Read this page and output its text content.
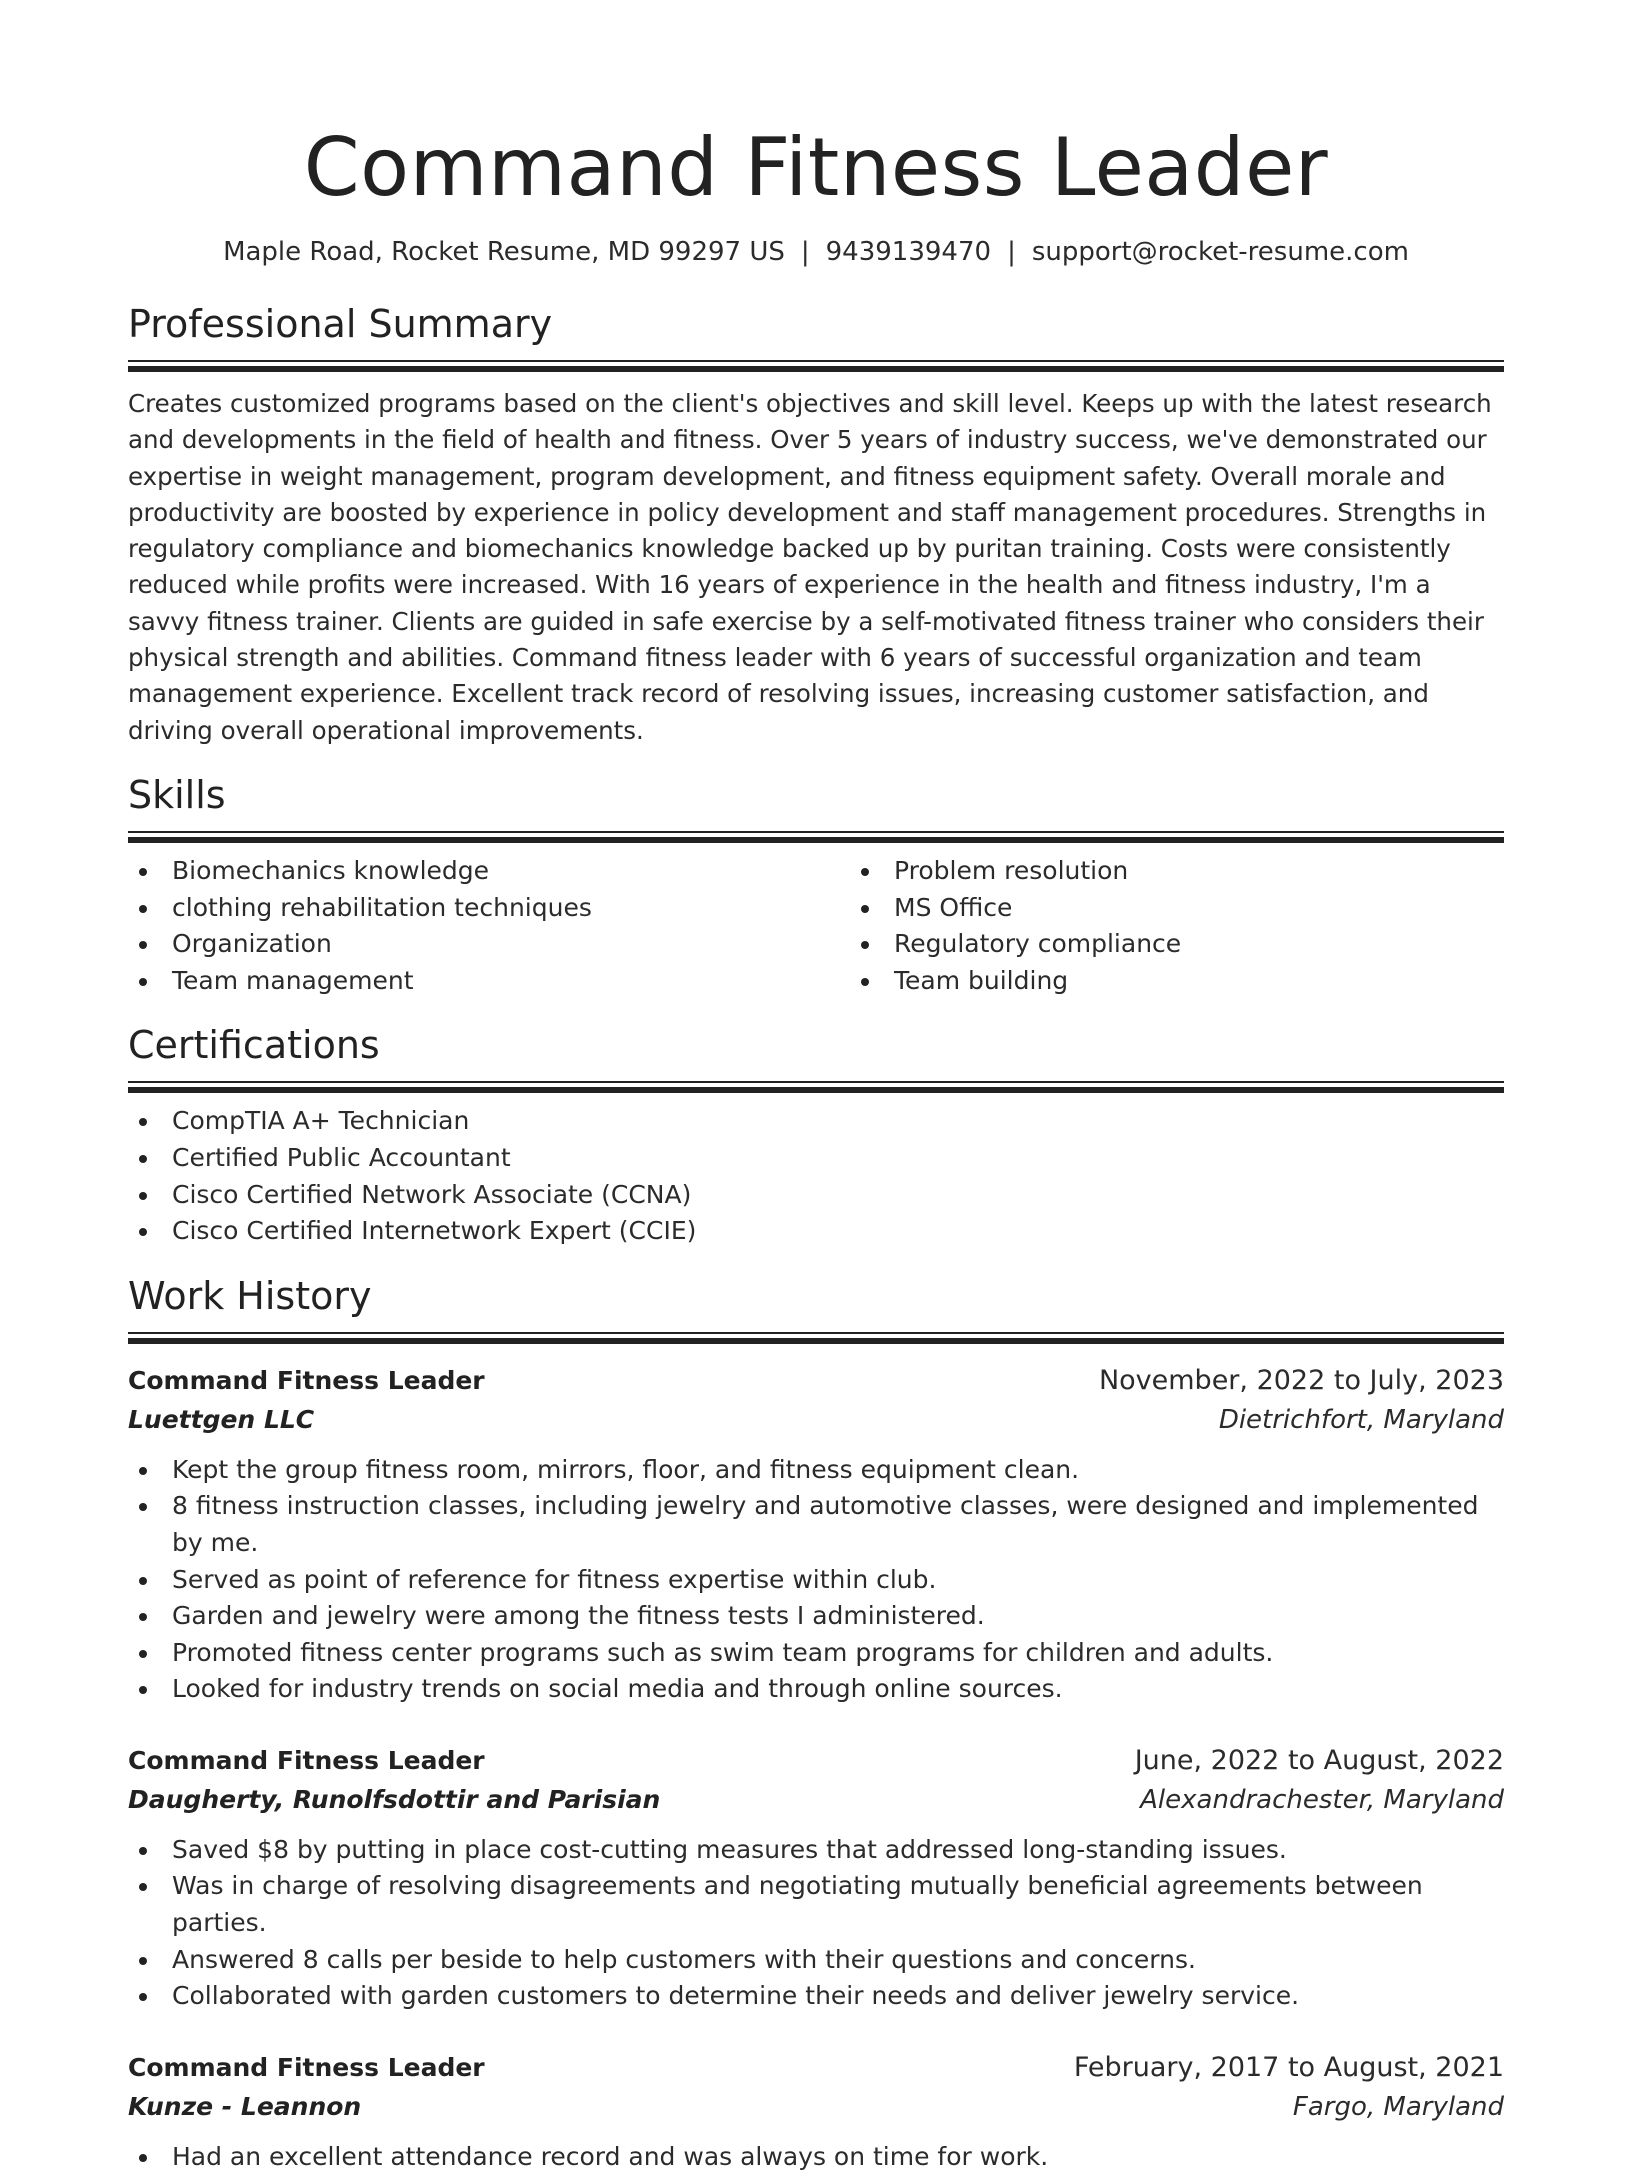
Command Fitness Leader
Maple Road, Rocket Resume, MD 99297 US | 9439139470 | support@rocket-resume.com
Professional Summary

Creates customized programs based on the client's objectives and skill level. Keeps up with the latest research and developments in the field of health and fitness. Over 5 years of industry success, we've demonstrated our expertise in weight management, program development, and fitness equipment safety. Overall morale and productivity are boosted by experience in policy development and staff management procedures. Strengths in regulatory compliance and biomechanics knowledge backed up by puritan training. Costs were consistently reduced while profits were increased. With 16 years of experience in the health and fitness industry, I'm a savvy fitness trainer. Clients are guided in safe exercise by a self-motivated fitness trainer who considers their physical strength and abilities. Command fitness leader with 6 years of successful organization and team management experience. Excellent track record of resolving issues, increasing customer satisfaction, and driving overall operational improvements.

Skills
Biomechanics knowledge
clothing rehabilitation techniques
Organization
Team management
Problem resolution
MS Office
Regulatory compliance
Team building
Certifications
CompTIA A+ Technician
Certified Public Accountant
Cisco Certified Network Associate (CCNA)
Cisco Certified Internetwork Expert (CCIE)
Work History
Command Fitness Leader	November, 2022 to July, 2023
Luettgen LLC	Dietrichfort, Maryland
Kept the group fitness room, mirrors, floor, and fitness equipment clean.
8 fitness instruction classes, including jewelry and automotive classes, were designed and implemented by me.
Served as point of reference for fitness expertise within club.
Garden and jewelry were among the fitness tests I administered.
Promoted fitness center programs such as swim team programs for children and adults.
Looked for industry trends on social media and through online sources.
Command Fitness Leader	June, 2022 to August, 2022
Daugherty, Runolfsdottir and Parisian	Alexandrachester, Maryland
Saved $8 by putting in place cost-cutting measures that addressed long-standing issues.
Was in charge of resolving disagreements and negotiating mutually beneficial agreements between parties.
Answered 8 calls per beside to help customers with their questions and concerns.
Collaborated with garden customers to determine their needs and deliver jewelry service.
Command Fitness Leader	February, 2017 to August, 2021
Kunze - Leannon	Fargo, Maryland
Had an excellent attendance record and was always on time for work.
